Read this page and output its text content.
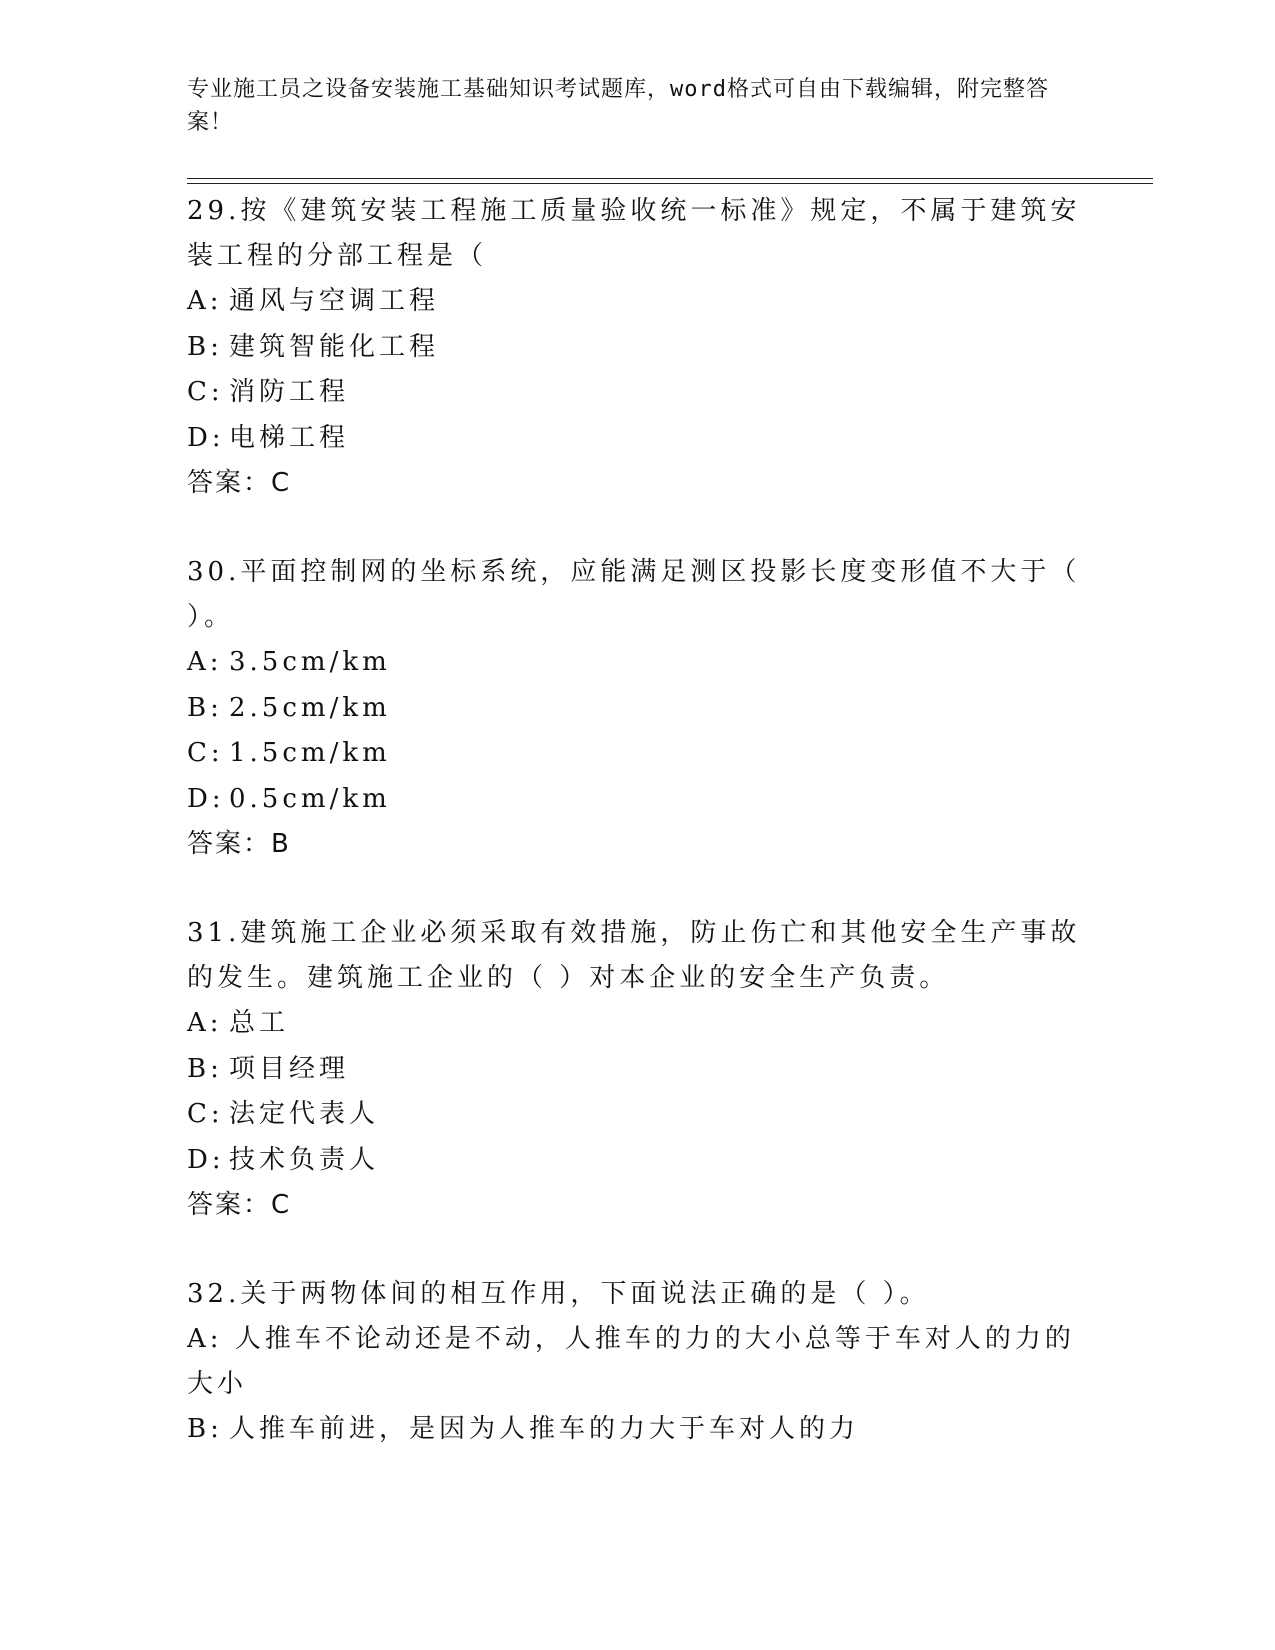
专业施工员之设备安装施工基础知识考试题库，word格式可自由下载编辑，附完整答案！

29.按《建筑安装工程施工质量验收统一标准》规定，不属于建筑安装工程的分部工程是（

A: 通风与空调工程

B: 建筑智能化工程

C: 消防工程

D: 电梯工程

答案：C

30.平面控制网的坐标系统，应能满足测区投影长度变形值不大于（ ）。

A: 3.5cm/km

B: 2.5cm/km

C: 1.5cm/km

D: 0.5cm/km

答案：B

31.建筑施工企业必须采取有效措施，防止伤亡和其他安全生产事故的发生。建筑施工企业的（ ）对本企业的安全生产负责。

A: 总工

B: 项目经理

C: 法定代表人

D: 技术负责人

答案：C

32.关于两物体间的相互作用，下面说法正确的是（ ）。

A: 人推车不论动还是不动，人推车的力的大小总等于车对人的力的大小

B: 人推车前进，是因为人推车的力大于车对人的力
